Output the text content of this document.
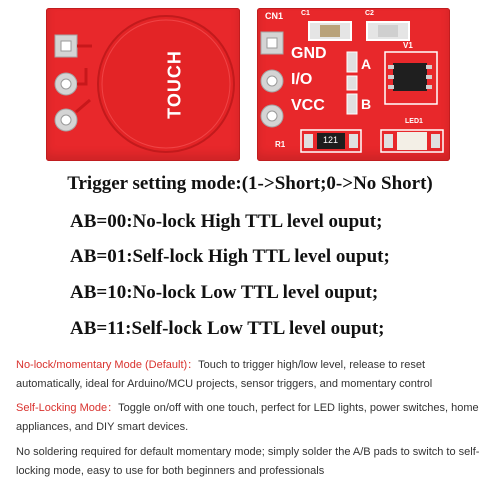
TOUCH
CN1	C1	C2
V1
GND
I/O
VCC
A
B
R1	121
LED1
Trigger setting mode:(1->Short;0->No Short)
AB=00:No-lock High TTL level ouput;
AB=01:Self-lock High TTL level ouput;
AB=10:No-lock Low TTL level ouput;
AB=11:Self-lock Low TTL level ouput;
No-lock/momentary Mode (Default)：Touch to trigger high/low level, release to reset automatically, ideal for Arduino/MCU projects, sensor triggers, and momentary control
Self-Locking Mode：Toggle on/off with one touch, perfect for LED lights, power switches, home appliances, and DIY smart devices.
No soldering required for default momentary mode; simply solder the A/B pads to switch to self-locking mode, easy to use for both beginners and professionals
